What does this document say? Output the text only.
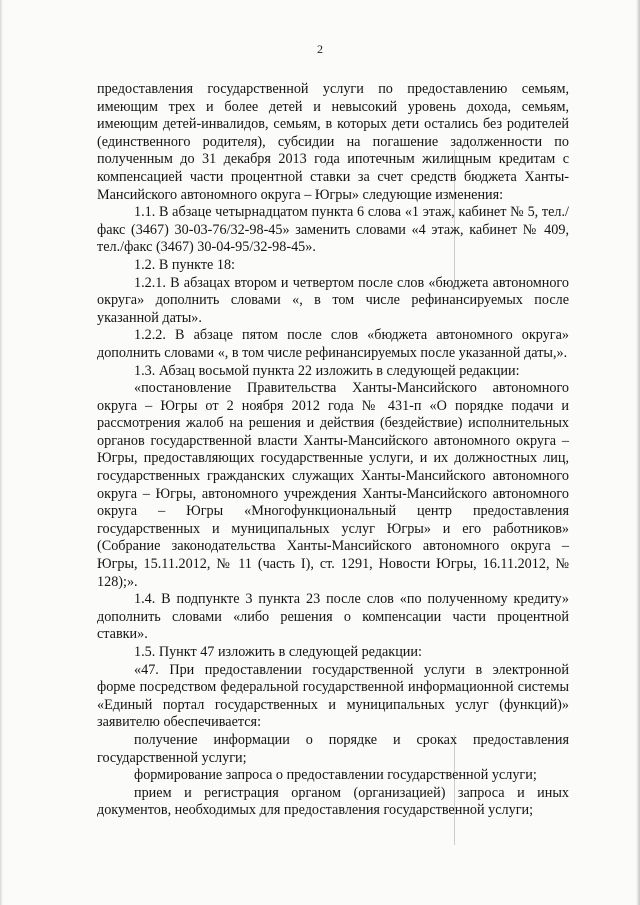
2

предоставления государственной услуги по предоставлению семьям, имеющим трех и более детей и невысокий уровень дохода, семьям, имеющим детей-инвалидов, семьям, в которых дети остались без родителей (единственного родителя), субсидии на погашение задолженности по полученным до 31 декабря 2013 года ипотечным жилищным кредитам с компенсацией части процентной ставки за счет средств бюджета Ханты-Мансийского автономного округа – Югры» следующие изменения:

1.1. В абзаце четырнадцатом пункта 6 слова «1 этаж, кабинет № 5, тел./факс (3467) 30-03-76/32-98-45» заменить словами «4 этаж, кабинет № 409, тел./факс (3467) 30-04-95/32-98-45».

1.2. В пункте 18:

1.2.1. В абзацах втором и четвертом после слов «бюджета автономного округа» дополнить словами «, в том числе рефинансируемых после указанной даты».

1.2.2. В абзаце пятом после слов «бюджета автономного округа» дополнить словами «, в том числе рефинансируемых после указанной даты,».

1.3. Абзац восьмой пункта 22 изложить в следующей редакции:

«постановление Правительства Ханты-Мансийского автономного округа – Югры от 2 ноября 2012 года № 431-п «О порядке подачи и рассмотрения жалоб на решения и действия (бездействие) исполнительных органов государственной власти Ханты-Мансийского автономного округа – Югры, предоставляющих государственные услуги, и их должностных лиц, государственных гражданских служащих Ханты-Мансийского автономного округа – Югры, автономного учреждения Ханты-Мансийского автономного округа – Югры «Многофункциональный центр предоставления государственных и муниципальных услуг Югры» и его работников» (Собрание законодательства Ханты-Мансийского автономного округа – Югры, 15.11.2012, № 11 (часть I), ст. 1291, Новости Югры, 16.11.2012, № 128);».

1.4. В подпункте 3 пункта 23 после слов «по полученному кредиту» дополнить словами «либо решения о компенсации части процентной ставки».

1.5. Пункт 47 изложить в следующей редакции:

«47. При предоставлении государственной услуги в электронной форме посредством федеральной государственной информационной системы «Единый портал государственных и муниципальных услуг (функций)» заявителю обеспечивается:

получение информации о порядке и сроках предоставления государственной услуги;

формирование запроса о предоставлении государственной услуги;

прием и регистрация органом (организацией) запроса и иных документов, необходимых для предоставления государственной услуги;
